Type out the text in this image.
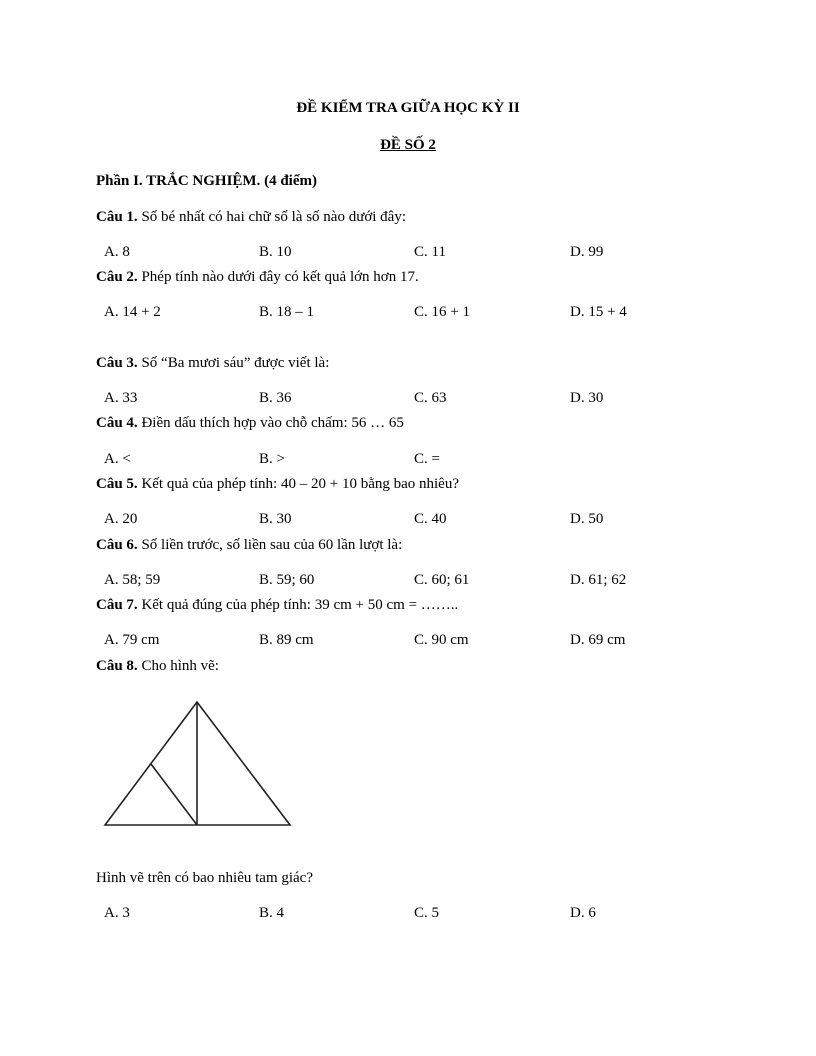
ĐỀ KIỂM TRA GIỮA HỌC KỲ II
ĐỀ SỐ 2
Phần I. TRẮC NGHIỆM. (4 điểm)
Câu 1. Số bé nhất có hai chữ số là số nào dưới đây:
A. 8	B. 10	C. 11	D. 99
Câu 2. Phép tính nào dưới đây có kết quả lớn hơn 17.
A. 14 + 2	B. 18 – 1	C. 16 + 1	D. 15 + 4
Câu 3. Số “Ba mươi sáu” được viết là:
A. 33	B. 36	C. 63	D. 30
Câu 4. Điền dấu thích hợp vào chỗ chấm: 56 … 65
A. <	B. >	C. =
Câu 5. Kết quả của phép tính: 40 – 20 + 10 bằng bao nhiêu?
A. 20	B. 30	C. 40	D. 50
Câu 6. Số liền trước, số liền sau của 60 lần lượt là:
A. 58; 59	B. 59; 60	C. 60; 61	D. 61; 62
Câu 7. Kết quả đúng của phép tính: 39 cm + 50 cm = ……..
A. 79 cm	B. 89 cm	C. 90 cm	D. 69 cm
Câu 8. Cho hình vẽ:
Hình vẽ trên có bao nhiêu tam giác?
A. 3	B. 4	C. 5	D. 6
